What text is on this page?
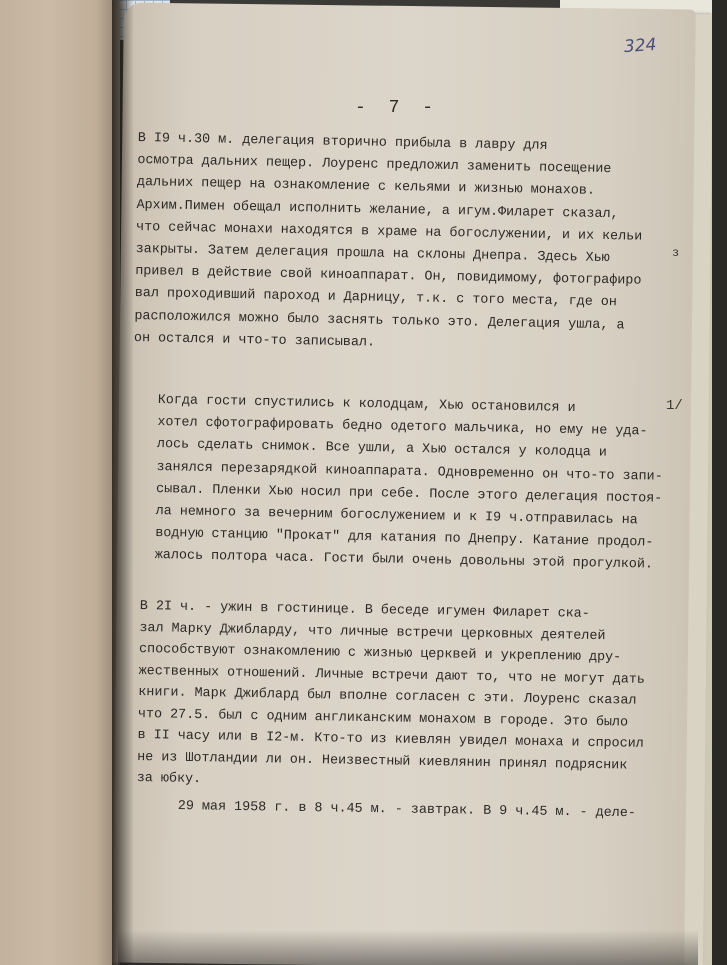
324
- 7 -
В I9 ч.30 м. делегация вторично прибыла в лавру для
осмотра дальних пещер. Лоуренс предложил заменить посещение
дальних пещер на ознакомление с кельями и жизнью монахов.
Архим.Пимен обещал исполнить желание, а игум.Филарет сказал,
что сейчас монахи находятся в храме на богослужении, и их кельи
закрыты. Затем делегация прошла на склоны Днепра. Здесь Хью
привел в действие свой киноаппарат. Он, повидимому, фотографиро
вал проходивший пароход и Дарницу, т.к. с того места, где он
расположился можно было заснять только это. Делегация ушла, а
он остался и что-то записывал.
Когда гости спустились к колодцам, Хью остановился и
хотел сфотографировать бедно одетого мальчика, но ему не уда-
лось сделать снимок. Все ушли, а Хью остался у колодца и
занялся перезарядкой киноаппарата. Одновременно он что-то запи-
сывал. Пленки Хью носил при себе. После этого делегация постоя-
ла немного за вечерним богослужением и к I9 ч.отправилась на
водную станцию "Прокат" для катания по Днепру. Катание продол-
жалось полтора часа. Гости были очень довольны этой прогулкой.
В 2I ч. - ужин в гостинице. В беседе игумен Филарет ска-
зал Марку Джибларду, что личные встречи церковных деятелей
способствуют ознакомлению с жизнью церквей и укреплению дру-
жественных отношений. Личные встречи дают то, что не могут дать
книги. Марк Джиблард был вполне согласен с эти. Лоуренс сказал
что 27.5. был с одним англиканским монахом в городе. Это было
в II часу или в I2-м. Кто-то из киевлян увидел монаха и спросил
не из Шотландии ли он. Неизвестный киевлянин принял подрясник
за юбку.
29 мая 1958 г. в 8 ч.45 м. - завтрак. В 9 ч.45 м. - деле-
з
1/
